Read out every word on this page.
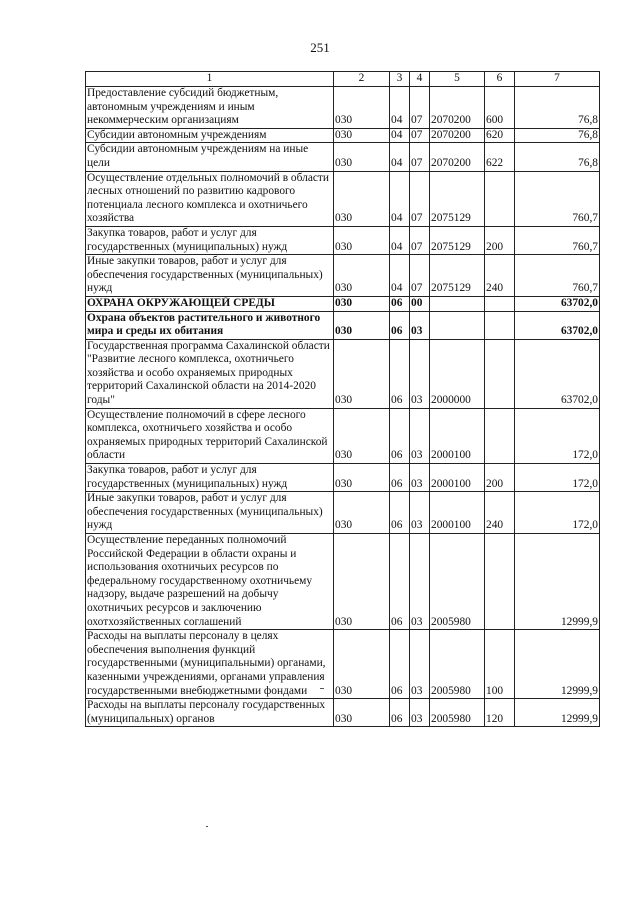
251
1	2	3	4	5	6	7
Предоставление субсидий бюджетным, автономным учреждениям и иным некоммерческим организациям	030	04	07	2070200	600	76,8
Субсидии автономным учреждениям	030	04	07	2070200	620	76,8
Субсидии автономным учреждениям на иные цели	030	04	07	2070200	622	76,8
Осуществление отдельных полномочий в области лесных отношений по развитию кадрового потенциала лесного комплекса и охотничьего хозяйства	030	04	07	2075129		760,7
Закупка товаров, работ и услуг для государственных (муниципальных) нужд	030	04	07	2075129	200	760,7
Иные закупки товаров, работ и услуг для обеспечения государственных (муниципальных) нужд	030	04	07	2075129	240	760,7
ОХРАНА ОКРУЖАЮЩЕЙ СРЕДЫ	030	06	00			63702,0
Охрана объектов растительного и животного мира и среды их обитания	030	06	03			63702,0
Государственная программа Сахалинской области "Развитие лесного комплекса, охотничьего хозяйства и особо охраняемых природных территорий Сахалинской области на 2014-2020 годы"	030	06	03	2000000		63702,0
Осуществление полномочий в сфере лесного комплекса, охотничьего хозяйства и особо охраняемых природных территорий Сахалинской области	030	06	03	2000100		172,0
Закупка товаров, работ и услуг для государственных (муниципальных) нужд	030	06	03	2000100	200	172,0
Иные закупки товаров, работ и услуг для обеспечения государственных (муниципальных) нужд	030	06	03	2000100	240	172,0
Осуществление переданных полномочий Российской Федерации в области охраны и использования охотничьих ресурсов по федеральному государственному охотничьему надзору, выдаче разрешений на добычу охотничьих ресурсов и заключению охотхозяйственных соглашений	030	06	03	2005980		12999,9
Расходы на выплаты персоналу в целях обеспечения выполнения функций государственными (муниципальными) органами, казенными учреждениями, органами управления государственными внебюджетными фондами	030	06	03	2005980	100	12999,9
Расходы на выплаты персоналу государственных (муниципальных) органов	030	06	03	2005980	120	12999,9
